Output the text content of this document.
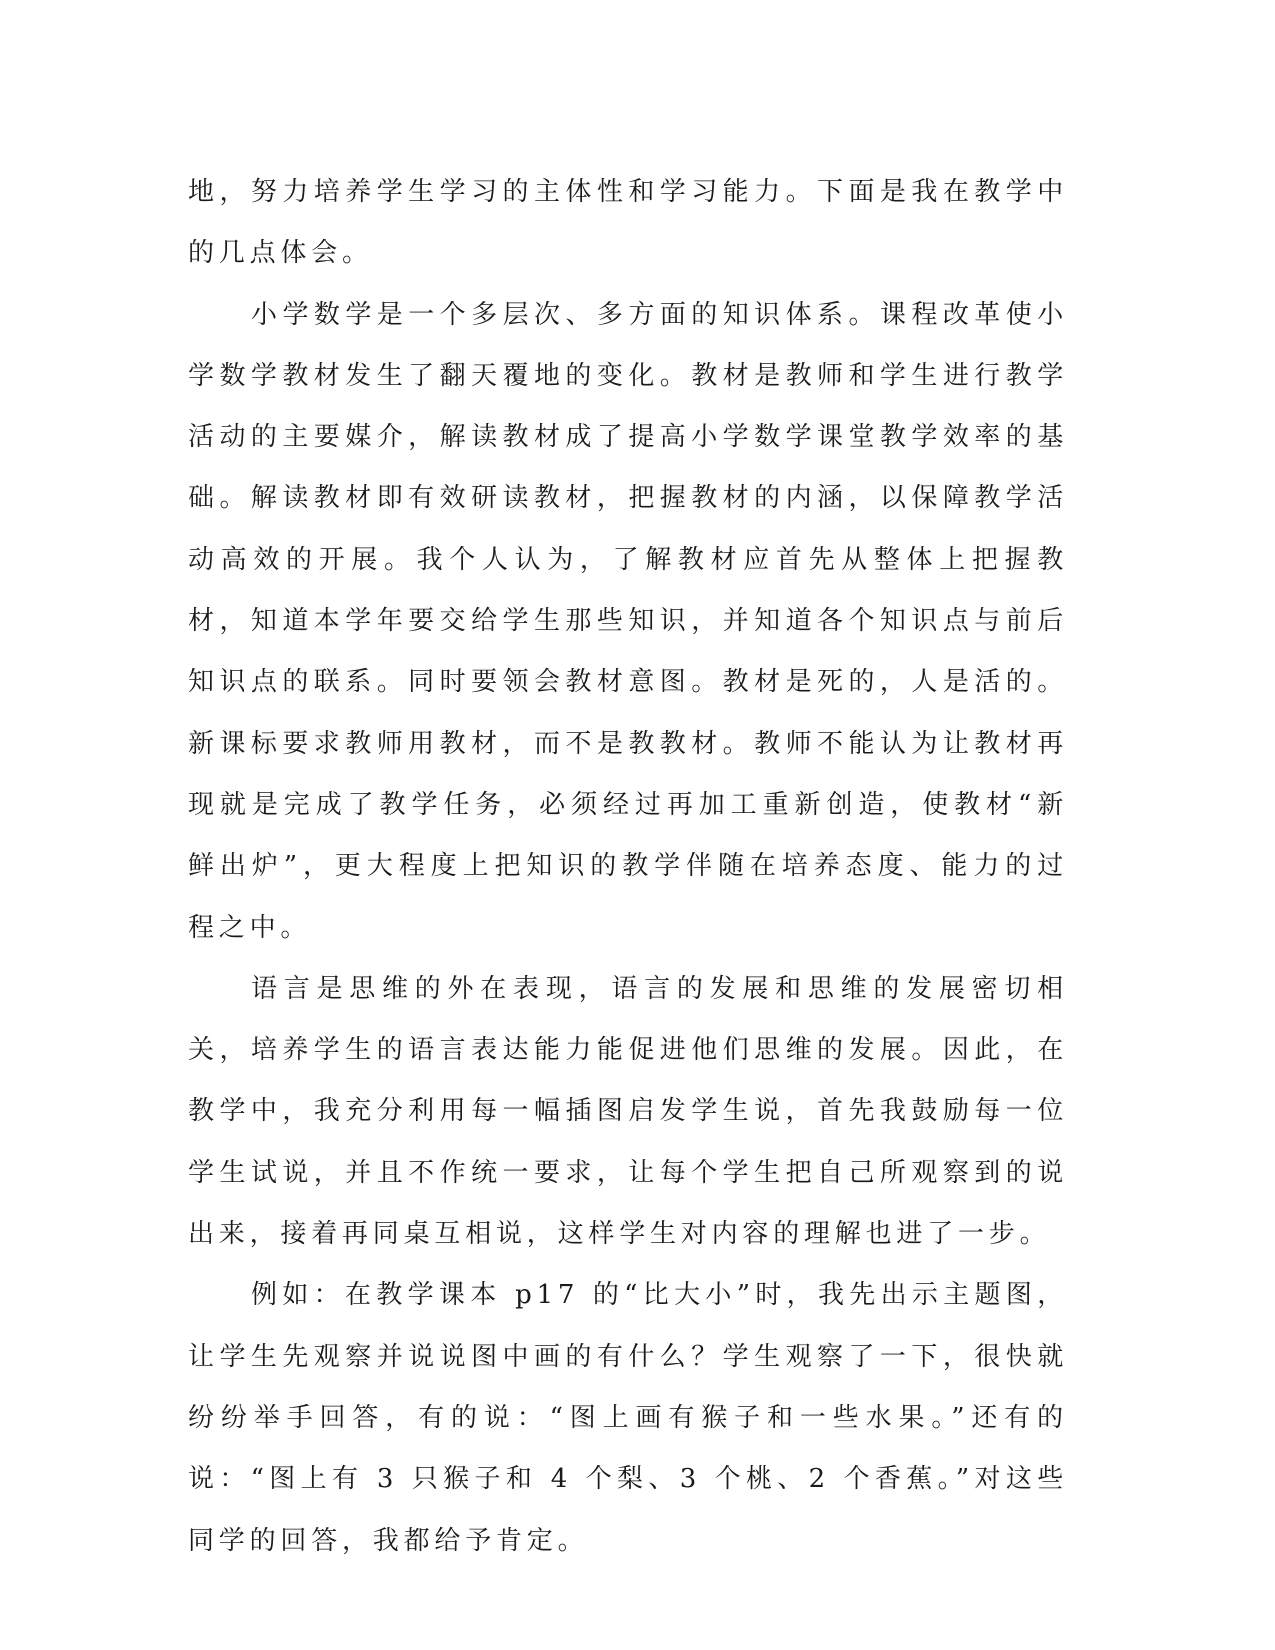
地，努力培养学生学习的主体性和学习能力。下面是我在教学中的几点体会。

小学数学是一个多层次、多方面的知识体系。课程改革使小学数学教材发生了翻天覆地的变化。教材是教师和学生进行教学活动的主要媒介，解读教材成了提高小学数学课堂教学效率的基础。解读教材即有效研读教材，把握教材的内涵，以保障教学活动高效的开展。我个人认为，了解教材应首先从整体上把握教材，知道本学年要交给学生那些知识，并知道各个知识点与前后知识点的联系。同时要领会教材意图。教材是死的，人是活的。新课标要求教师用教材，而不是教教材。教师不能认为让教材再现就是完成了教学任务，必须经过再加工重新创造，使教材“新鲜出炉”，更大程度上把知识的教学伴随在培养态度、能力的过程之中。

语言是思维的外在表现，语言的发展和思维的发展密切相关，培养学生的语言表达能力能促进他们思维的发展。因此，在教学中，我充分利用每一幅插图启发学生说，首先我鼓励每一位学生试说，并且不作统一要求，让每个学生把自己所观察到的说出来，接着再同桌互相说，这样学生对内容的理解也进了一步。

例如：在教学课本 p17 的“比大小”时，我先出示主题图，让学生先观察并说说图中画的有什么？学生观察了一下，很快就纷纷举手回答，有的说：“图上画有猴子和一些水果。”还有的说：“图上有 3 只猴子和 4 个梨、3 个桃、2 个香蕉。”对这些同学的回答，我都给予肯定。
